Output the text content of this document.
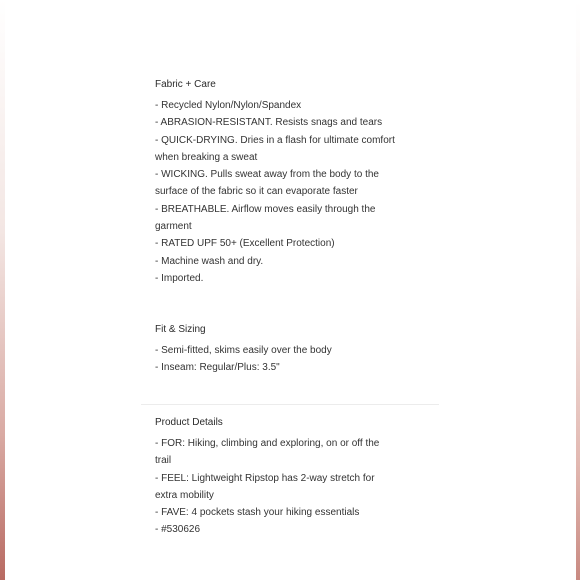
Fabric + Care
- Recycled Nylon/Nylon/Spandex
- ABRASION-RESISTANT. Resists snags and tears
- QUICK-DRYING. Dries in a flash for ultimate comfort
when breaking a sweat
- WICKING. Pulls sweat away from the body to the
surface of the fabric so it can evaporate faster
- BREATHABLE. Airflow moves easily through the
garment
- RATED UPF 50+ (Excellent Protection)
- Machine wash and dry.
- Imported.
Fit & Sizing
- Semi-fitted, skims easily over the body
- Inseam: Regular/Plus: 3.5"
Product Details
- FOR: Hiking, climbing and exploring, on or off the
trail
- FEEL: Lightweight Ripstop has 2-way stretch for
extra mobility
- FAVE: 4 pockets stash your hiking essentials
- #530626
